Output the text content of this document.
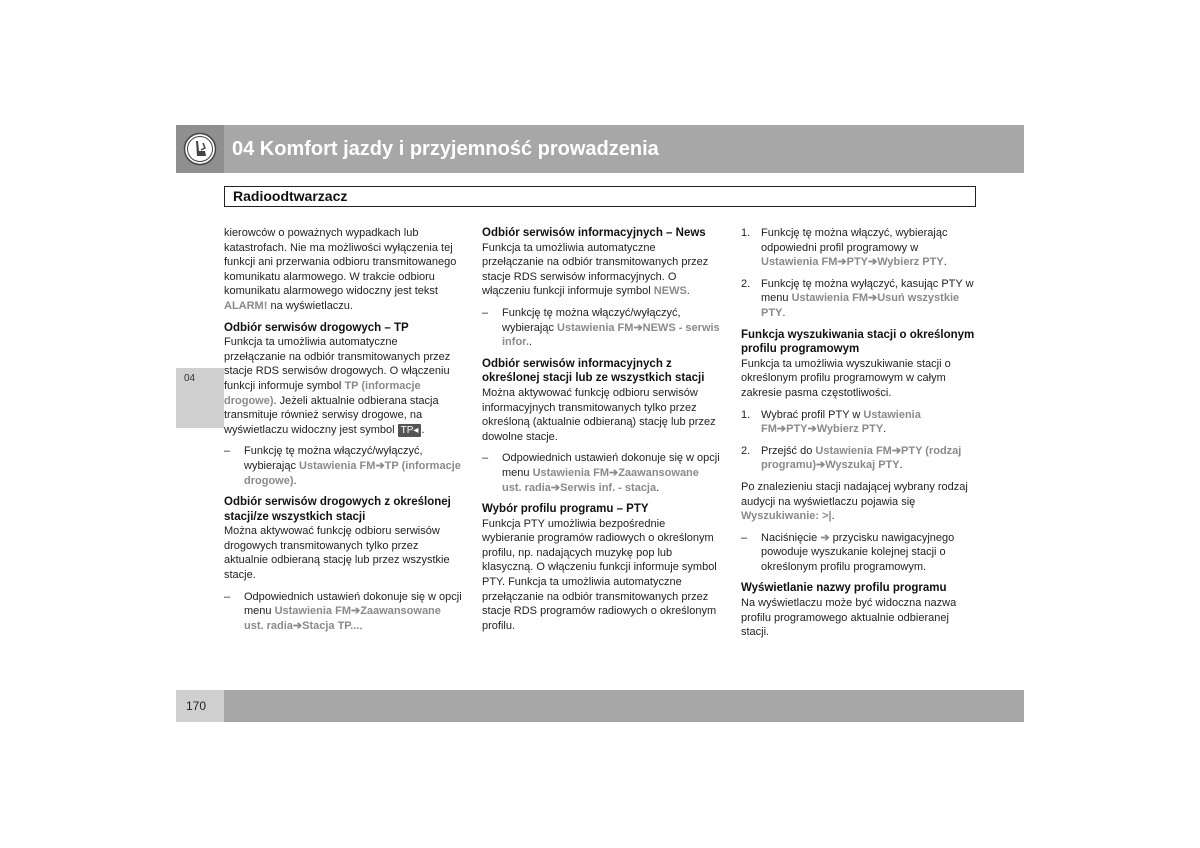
04 Komfort jazdy i przyjemność prowadzenia
Radioodtwarzacz
04
170

kierowców o poważnych wypadkach lub katastrofach. Nie ma możliwości wyłączenia tej funkcji ani przerwania odbioru transmitowanego komunikatu alarmowego. W trakcie odbioru komunikatu alarmowego widoczny jest tekst ALARM! na wyświetlaczu.

Odbiór serwisów drogowych – TP

Funkcja ta umożliwia automatyczne przełączanie na odbiór transmitowanych przez stacje RDS serwisów drogowych. O włączeniu funkcji informuje symbol TP (informacje drogowe). Jeżeli aktualnie odbierana stacja transmituje również serwisy drogowe, na wyświetlaczu widoczny jest symbol TP◂ .

–	Funkcję tę można włączyć/wyłączyć, wybierając Ustawienia FM➔TP (informacje drogowe).
Odbiór serwisów drogowych z określonej stacji/ze wszystkich stacji

Można aktywować funkcję odbioru serwisów drogowych transmitowanych tylko przez aktualnie odbieraną stację lub przez wszystkie stacje.

–	Odpowiednich ustawień dokonuje się w opcji menu Ustawienia FM➔Zaawansowane ust. radia➔Stacja TP....
Odbiór serwisów informacyjnych – News

Funkcja ta umożliwia automatyczne przełączanie na odbiór transmitowanych przez stacje RDS serwisów informacyjnych. O włączeniu funkcji informuje symbol NEWS.

–	Funkcję tę można włączyć/wyłączyć, wybierając Ustawienia FM➔NEWS - serwis infor..
Odbiór serwisów informacyjnych z określonej stacji lub ze wszystkich stacji

Można aktywować funkcję odbioru serwisów informacyjnych transmitowanych tylko przez określoną (aktualnie odbieraną) stację lub przez dowolne stacje.

–	Odpowiednich ustawień dokonuje się w opcji menu Ustawienia FM➔Zaawansowane ust. radia➔Serwis inf. - stacja.
Wybór profilu programu – PTY

Funkcja PTY umożliwia bezpośrednie wybieranie programów radiowych o określonym profilu, np. nadających muzykę pop lub klasyczną. O włączeniu funkcji informuje symbol PTY. Funkcja ta umożliwia automatyczne przełączanie na odbiór transmitowanych przez stacje RDS programów radiowych o określonym profilu.

1. Funkcję tę można włączyć, wybierając odpowiedni profil programowy w Ustawienia FM➔PTY➔Wybierz PTY.
2. Funkcję tę można wyłączyć, kasując PTY w menu Ustawienia FM➔Usuń wszystkie PTY.
Funkcja wyszukiwania stacji o określonym profilu programowym

Funkcja ta umożliwia wyszukiwanie stacji o określonym profilu programowym w całym zakresie pasma częstotliwości.

1. Wybrać profil PTY w Ustawienia FM➔PTY➔Wybierz PTY.
2. Przejść do Ustawienia FM➔PTY (rodzaj programu)➔Wyszukaj PTY.

Po znalezieniu stacji nadającej wybrany rodzaj audycji na wyświetlaczu pojawia się Wyszukiwanie: >|.

–	Naciśnięcie ➔ przycisku nawigacyjnego powoduje wyszukanie kolejnej stacji o określonym profilu programowym.
Wyświetlanie nazwy profilu programu

Na wyświetlaczu może być widoczna nazwa profilu programowego aktualnie odbieranej stacji.
